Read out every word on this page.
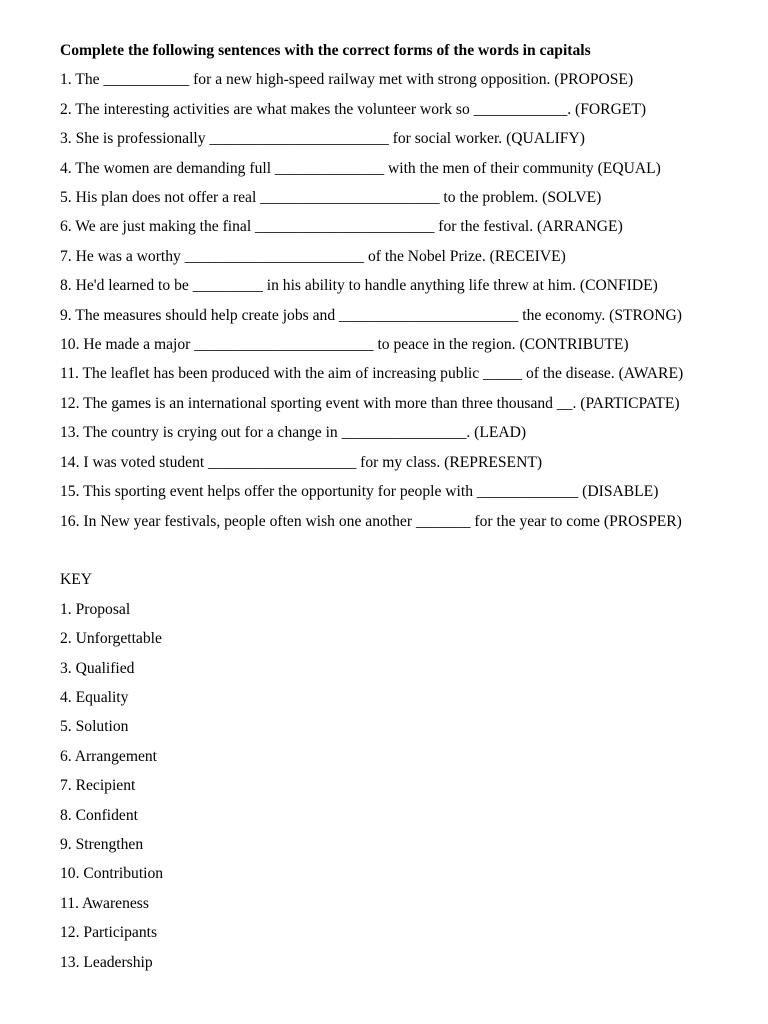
Complete the following sentences with the correct forms of the words in capitals

1. The ___________ for a new high-speed railway met with strong opposition. (PROPOSE)
2. The interesting activities are what makes the volunteer work so ____________. (FORGET)
3. She is professionally _______________________ for social worker. (QUALIFY)
4. The women are demanding full ______________ with the men of their community (EQUAL)
5. His plan does not offer a real _______________________ to the problem. (SOLVE)
6. We are just making the final _______________________ for the festival. (ARRANGE)
7. He was a worthy _______________________ of the Nobel Prize. (RECEIVE)
8. He'd learned to be _________ in his ability to handle anything life threw at him. (CONFIDE)
9. The measures should help create jobs and _______________________ the economy. (STRONG)
10. He made a major _______________________ to peace in the region. (CONTRIBUTE)
11. The leaflet has been produced with the aim of increasing public _____ of the disease. (AWARE)
12. The games is an international sporting event with more than three thousand __. (PARTICPATE)
13. The country is crying out for a change in ________________. (LEAD)
14. I was voted student ___________________ for my class. (REPRESENT)
15. This sporting event helps offer the opportunity for people with _____________ (DISABLE)
16. In New year festivals, people often wish one another _______ for the year to come (PROSPER)

KEY

1. Proposal
2. Unforgettable
3. Qualified
4. Equality
5. Solution
6. Arrangement
7. Recipient
8. Confident
9. Strengthen
10. Contribution
11. Awareness
12. Participants
13. Leadership
